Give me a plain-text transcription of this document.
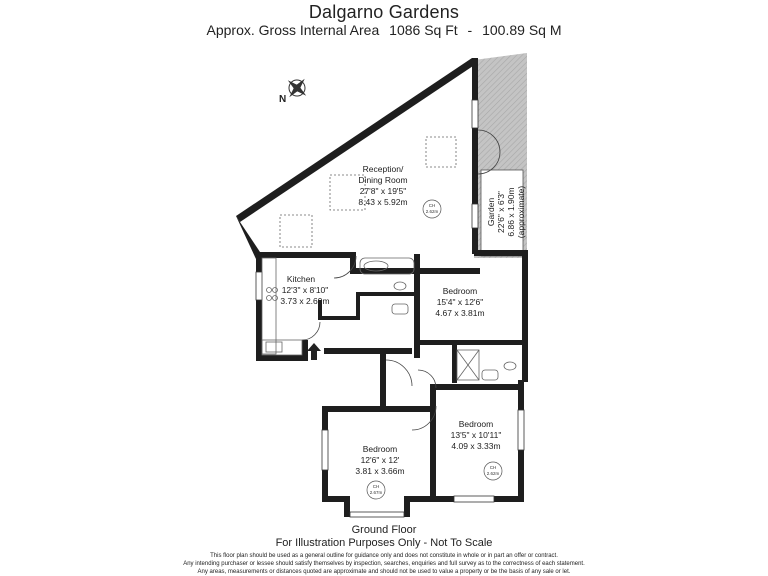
Dalgarno Gardens
Approx. Gross Internal Area 1086 Sq Ft - 100.89 Sq M
N
Reception/
Dining Room
27'8" x 19'5"
8.43 x 5.92m
Kitchen
12'3" x 8'10"
3.73 x 2.69m
Bedroom
15'4" x 12'6"
4.67 x 3.81m
Bedroom
12'6" x 12'
3.81 x 3.66m
Bedroom
13'5" x 10'11"
4.09 x 3.33m
Garden 22'6" x 6'3" 6.86 x 1.90m (approximate)
CH
2.62m
CH
2.67m
CH
2.62m
Ground Floor
For Illustration Purposes Only - Not To Scale
This floor plan should be used as a general outline for guidance only and does not constitute in whole or in part an offer or contract.
Any intending purchaser or lessee should satisfy themselves by inspection, searches, enquiries and full survey as to the correctness of each statement.
Any areas, measurements or distances quoted are approximate and should not be used to value a property or be the basis of any sale or let.
